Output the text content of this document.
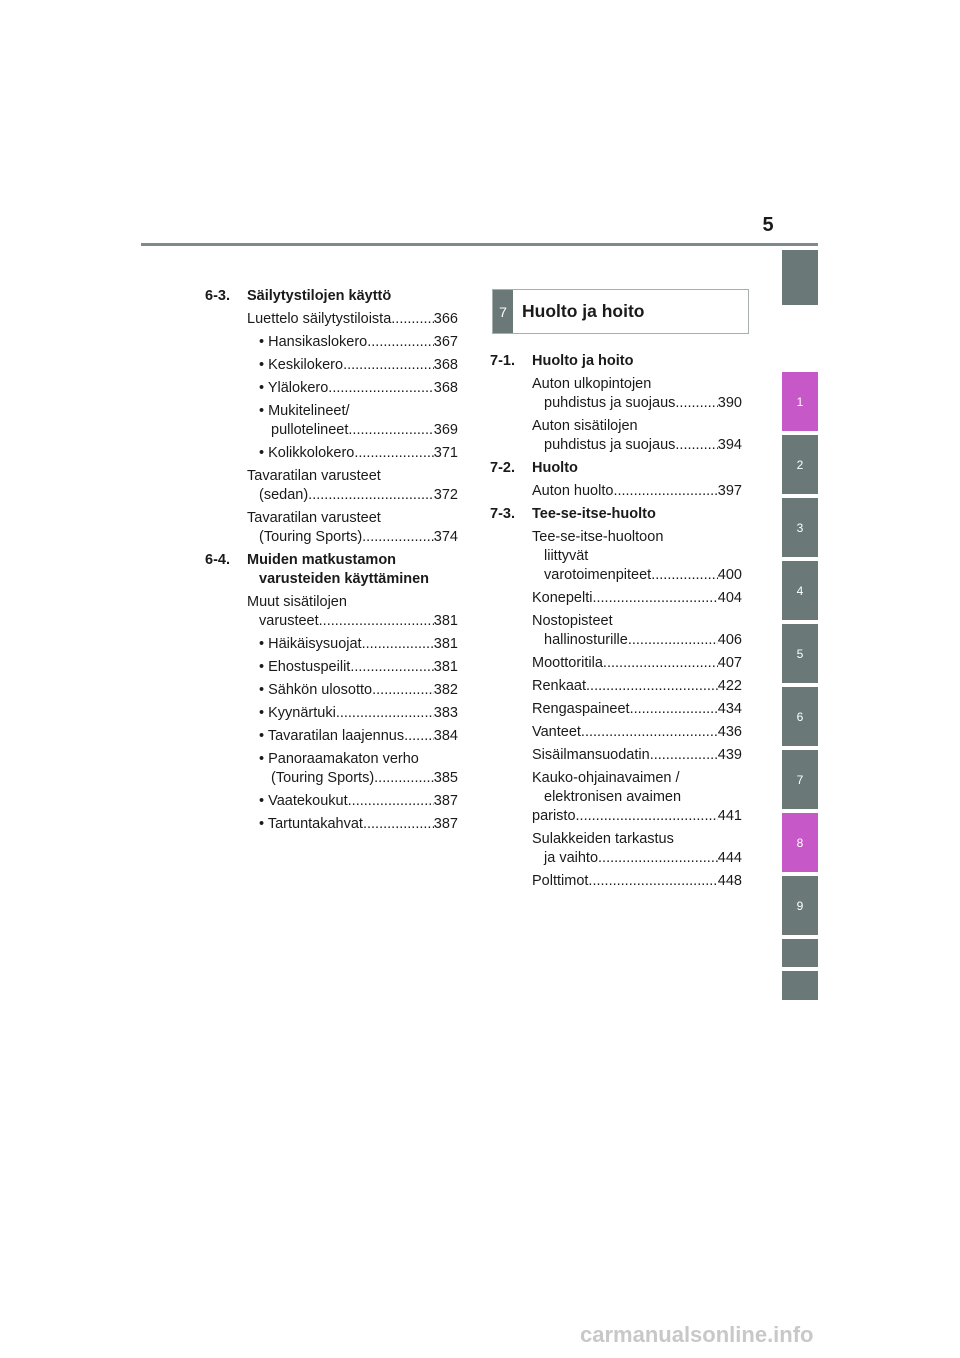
5
1
2
3
4
5
6
7
8
9
6-3. Säilytystilojen käyttö
Luettelo säilytystiloista .....	366
• Hansikaslokero .....	367
• Keskilokero .....	368
• Ylälokero .....	368
• Mukitelineet/
pullotelineet .....	369
• Kolikkolokero .....	371
Tavaratilan varusteet
(sedan) .....	372
Tavaratilan varusteet
(Touring Sports) .....	374
6-4. Muiden matkustamon
varusteiden käyttäminen
Muut sisätilojen
varusteet .....	381
• Häikäisysuojat .....	381
• Ehostuspeilit .....	381
• Sähkön ulosotto .....	382
• Kyynärtuki .....	383
• Tavaratilan laajennus ..... 384
• Panoraamakaton verho
(Touring Sports) .....	385
• Vaatekoukut .....	387
• Tartuntakahvat .....	387
7 Huolto ja hoito
7-1. Huolto ja hoito
Auton ulkopintojen
puhdistus ja suojaus .....	390
Auton sisätilojen
puhdistus ja suojaus .....	394
7-2. Huolto
Auton huolto .....	397
7-3. Tee-se-itse-huolto
Tee-se-itse-huoltoon
liittyvät
varotoimenpiteet .....	400
Konepelti .....	404
Nostopisteet
hallinosturille .....	406
Moottoritila .....	407
Renkaat .....	422
Rengaspaineet .....	434
Vanteet .....	436
Sisäilmansuodatin .....	439
Kauko-ohjainavaimen /
elektronisen avaimen
paristo .....	441
Sulakkeiden tarkastus
ja vaihto .....	444
Polttimot .....	448
carmanualsonline.info
